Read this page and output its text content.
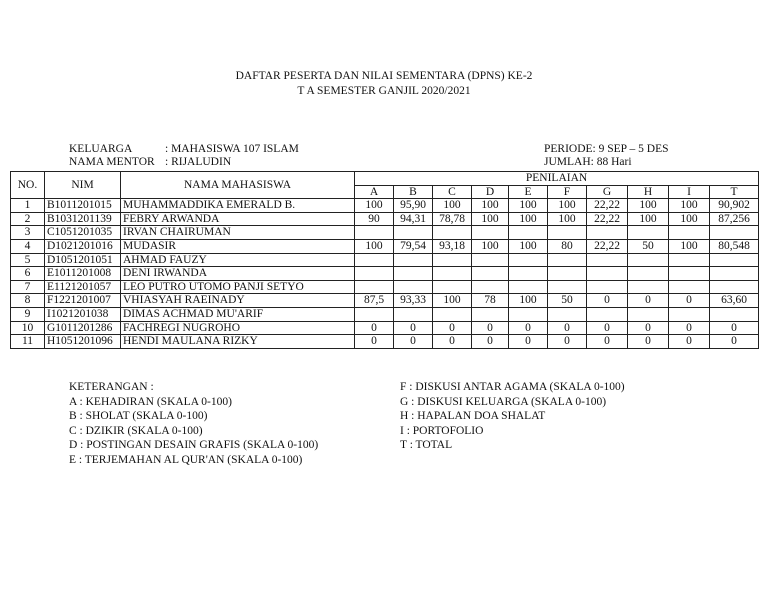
DAFTAR PESERTA DAN NILAI SEMENTARA (DPNS) KE-2
T A SEMESTER GANJIL 2020/2021
KELUARGA	: MAHASISWA 107 ISLAM
NAMA MENTOR : RIJALUDIN
PERIODE: 9 SEP – 5 DES
JUMLAH: 88 Hari
NO.	NIM	NAMA MAHASISWA	PENILAIAN									
			A	B	C	D	E	F	G	H	I	T
1	B1011201015	MUHAMMADDIKA EMERALD B.	100	95,90	100	100	100	100	22,22	100	100	90,902
2	B1031201139	FEBRY ARWANDA	90	94,31	78,78	100	100	100	22,22	100	100	87,256
3	C1051201035	IRVAN CHAIRUMAN										
4	D1021201016	MUDASIR	100	79,54	93,18	100	100	80	22,22	50	100	80,548
5	D1051201051	AHMAD FAUZY										
6	E1011201008	DENI IRWANDA										
7	E1121201057	LEO PUTRO UTOMO PANJI SETYO										
8	F1221201007	VHIASYAH RAEINADY	87,5	93,33	100	78	100	50	0	0	0	63,60
9	I1021201038	DIMAS ACHMAD MU'ARIF										
10	G1011201286	FACHREGI NUGROHO	0	0	0	0	0	0	0	0	0	0
11	H1051201096	HENDI MAULANA RIZKY	0	0	0	0	0	0	0	0	0	0
KETERANGAN :
A : KEHADIRAN (SKALA 0-100)
B : SHOLAT (SKALA 0-100)
C : DZIKIR (SKALA 0-100)
D : POSTINGAN DESAIN GRAFIS (SKALA 0-100)
E : TERJEMAHAN AL QUR'AN (SKALA 0-100)
F : DISKUSI ANTAR AGAMA (SKALA 0-100)
G : DISKUSI KELUARGA (SKALA 0-100)
H : HAPALAN DOA SHALAT
I : PORTOFOLIO
T : TOTAL
